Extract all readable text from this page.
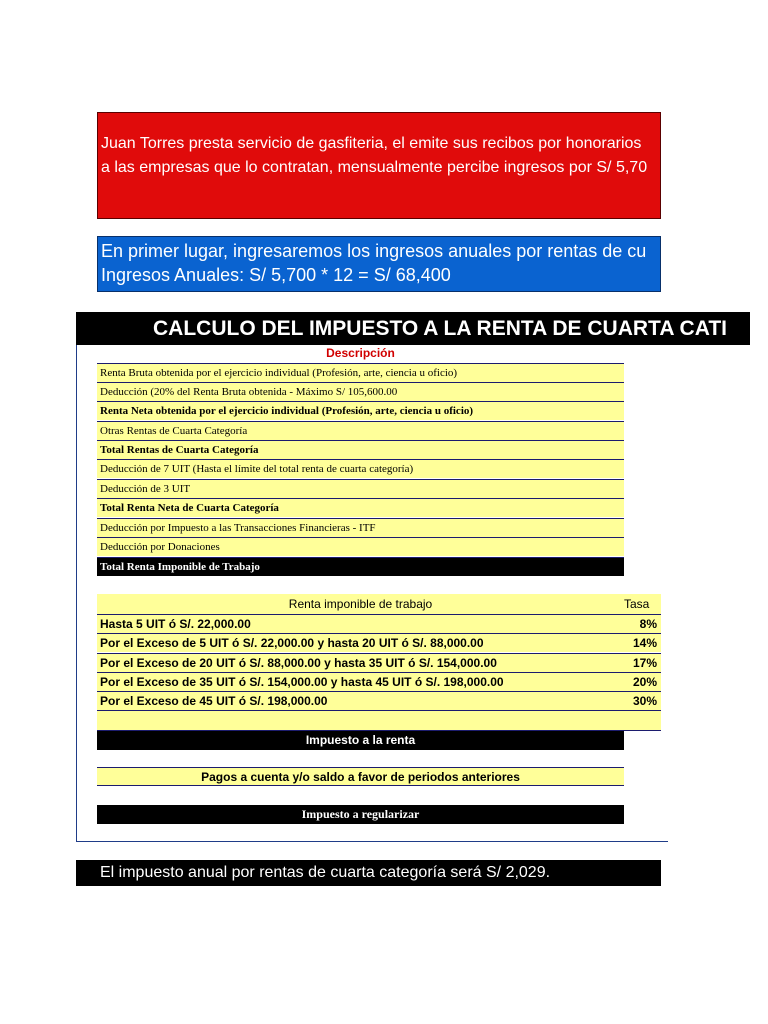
Juan Torres presta servicio de gasfiteria, el emite sus recibos por honorarios
a las empresas que lo contratan, mensualmente percibe ingresos por S/ 5,70
En primer lugar, ingresaremos los ingresos anuales por rentas de cu
Ingresos Anuales: S/ 5,700 * 12 = S/ 68,400
CALCULO DEL IMPUESTO A LA RENTA DE CUARTA CATI
Descripción
Renta Bruta obtenida por el ejercicio individual (Profesión, arte, ciencia u oficio)
Deducción (20% del Renta Bruta obtenida - Máximo S/ 105,600.00
Renta Neta obtenida por el ejercicio individual (Profesión, arte, ciencia u oficio)
Otras Rentas de Cuarta Categoría
Total Rentas de Cuarta Categoría
Deducción de 7 UIT (Hasta el límite del total renta de cuarta categoría)
Deducción de 3 UIT
Total Renta Neta de Cuarta Categoría
Deducción por Impuesto a las Transacciones Financieras - ITF
Deducción por Donaciones
Total Renta Imponible de Trabajo
Renta imponible de trabajo	Tasa
Hasta 5 UIT ó S/. 22,000.00	8%
Por el Exceso de 5 UIT ó S/. 22,000.00 y hasta 20 UIT ó S/. 88,000.00	14%
Por el Exceso de 20 UIT ó S/. 88,000.00 y hasta 35 UIT ó S/. 154,000.00	17%
Por el Exceso de 35 UIT ó S/. 154,000.00 y hasta 45 UIT ó S/. 198,000.00	20%
Por el Exceso de 45 UIT ó S/. 198,000.00	30%
Impuesto a la renta
Pagos a cuenta y/o saldo a favor de periodos anteriores
Impuesto a regularizar
El impuesto anual por rentas de cuarta categoría será S/ 2,029.
